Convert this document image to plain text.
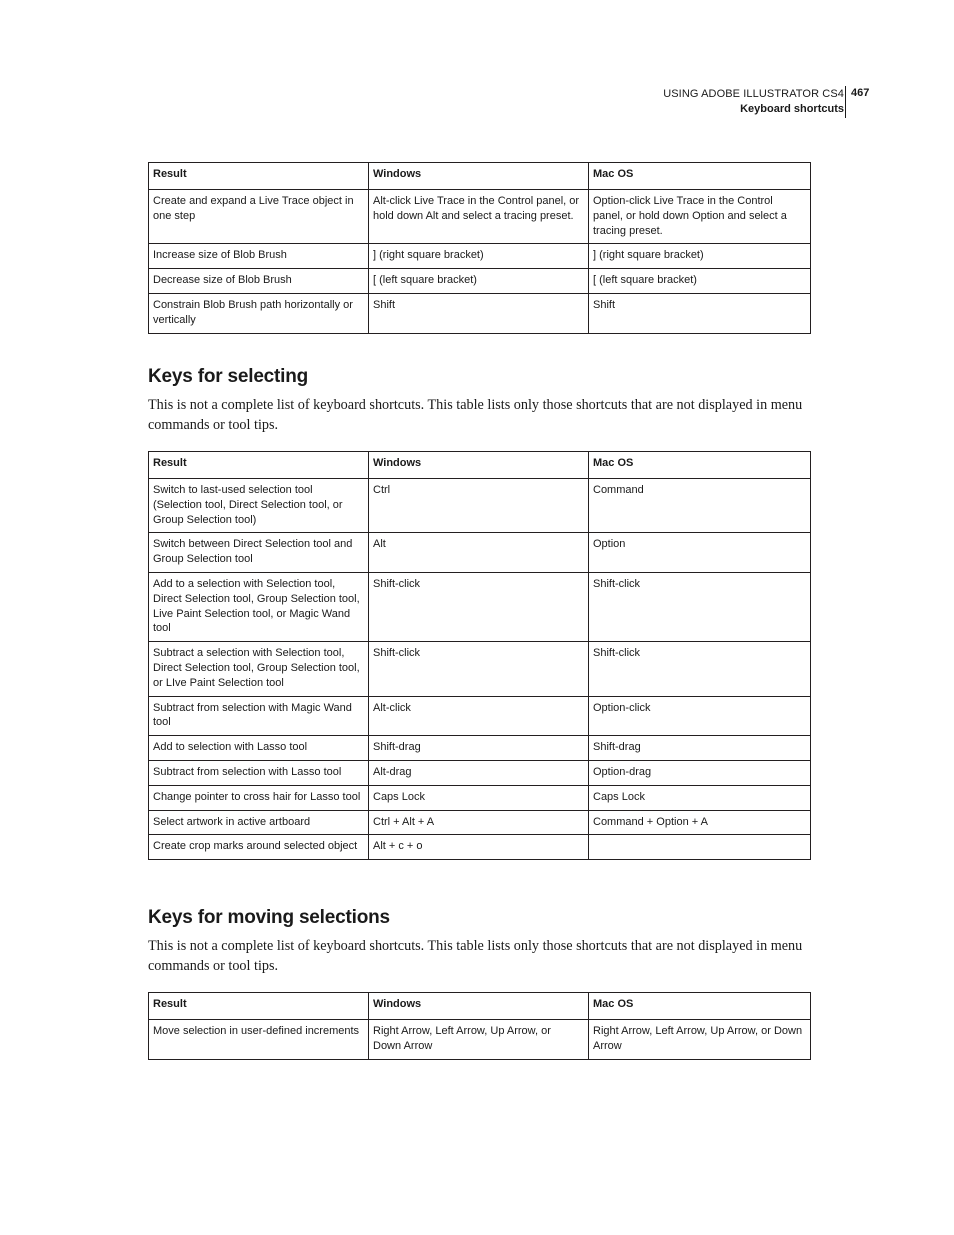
USING ADOBE ILLUSTRATOR CS4
Keyboard shortcuts
467
Result	Windows	Mac OS
Create and expand a Live Trace object in one step	Alt-click Live Trace in the Control panel, or hold down Alt and select a tracing preset.	Option-click Live Trace in the Control panel, or hold down Option and select a tracing preset.
Increase size of Blob Brush	] (right square bracket)	] (right square bracket)
Decrease size of Blob Brush	[ (left square bracket)	[ (left square bracket)
Constrain Blob Brush path horizontally or vertically	Shift	Shift
Keys for selecting

This is not a complete list of keyboard shortcuts. This table lists only those shortcuts that are not displayed in menu commands or tool tips.

Result	Windows	Mac OS
Switch to last-used selection tool (Selection tool, Direct Selection tool, or Group Selection tool)	Ctrl	Command
Switch between Direct Selection tool and Group Selection tool	Alt	Option
Add to a selection with Selection tool, Direct Selection tool, Group Selection tool, Live Paint Selection tool, or Magic Wand tool	Shift-click	Shift-click
Subtract a selection with Selection tool, Direct Selection tool, Group Selection tool, or LIve Paint Selection tool	Shift-click	Shift-click
Subtract from selection with Magic Wand tool	Alt-click	Option-click
Add to selection with Lasso tool	Shift-drag	Shift-drag
Subtract from selection with Lasso tool	Alt-drag	Option-drag
Change pointer to cross hair for Lasso tool	Caps Lock	Caps Lock
Select artwork in active artboard	Ctrl + Alt + A	Command + Option + A
Create crop marks around selected object	Alt + c + o	
Keys for moving selections

This is not a complete list of keyboard shortcuts. This table lists only those shortcuts that are not displayed in menu commands or tool tips.

Result	Windows	Mac OS
Move selection in user-defined increments	Right Arrow, Left Arrow, Up Arrow, or Down Arrow	Right Arrow, Left Arrow, Up Arrow, or Down Arrow
